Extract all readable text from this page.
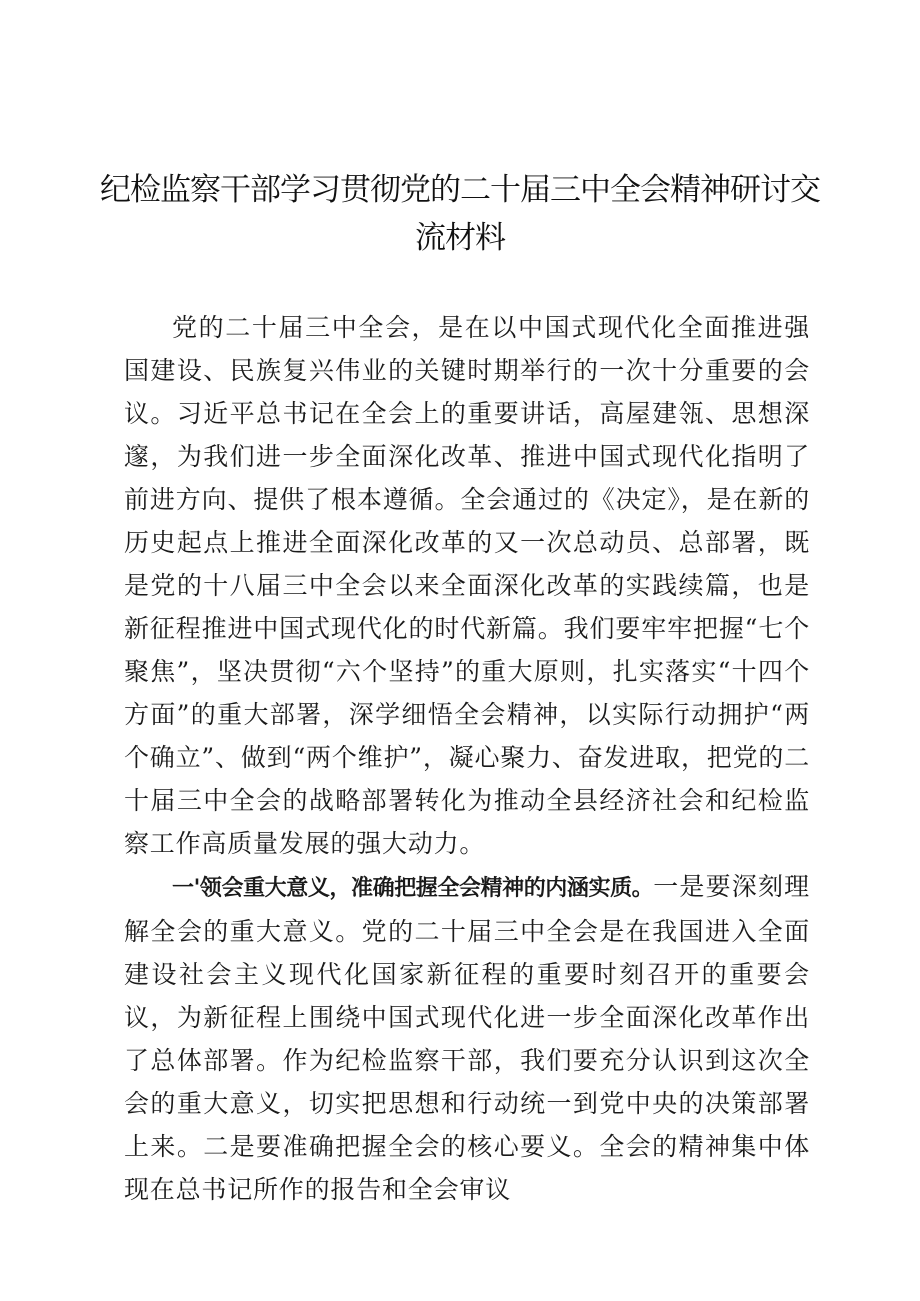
纪检监察干部学习贯彻党的二十届三中全会精神研讨交
流材料

党的二十届三中全会，是在以中国式现代化全面推进强国建设、民族复兴伟业的关键时期举行的一次十分重要的会议。习近平总书记在全会上的重要讲话，高屋建瓴、思想深邃，为我们进一步全面深化改革、推进中国式现代化指明了前进方向、提供了根本遵循。全会通过的《决定》，是在新的历史起点上推进全面深化改革的又一次总动员、总部署，既是党的十八届三中全会以来全面深化改革的实践续篇，也是新征程推进中国式现代化的时代新篇。我们要牢牢把握“七个聚焦”，坚决贯彻“六个坚持”的重大原则，扎实落实“十四个方面”的重大部署，深学细悟全会精神，以实际行动拥护“两个确立”、做到“两个维护”，凝心聚力、奋发进取，把党的二十届三中全会的战略部署转化为推动全县经济社会和纪检监察工作高质量发展的强大动力。

一'领会重大意义，准确把握全会精神的内涵实质。一是要深刻理解全会的重大意义。党的二十届三中全会是在我国进入全面建设社会主义现代化国家新征程的重要时刻召开的重要会议，为新征程上围绕中国式现代化进一步全面深化改革作出了总体部署。作为纪检监察干部，我们要充分认识到这次全会的重大意义，切实把思想和行动统一到党中央的决策部署上来。二是要准确把握全会的核心要义。全会的精神集中体现在总书记所作的报告和全会审议
